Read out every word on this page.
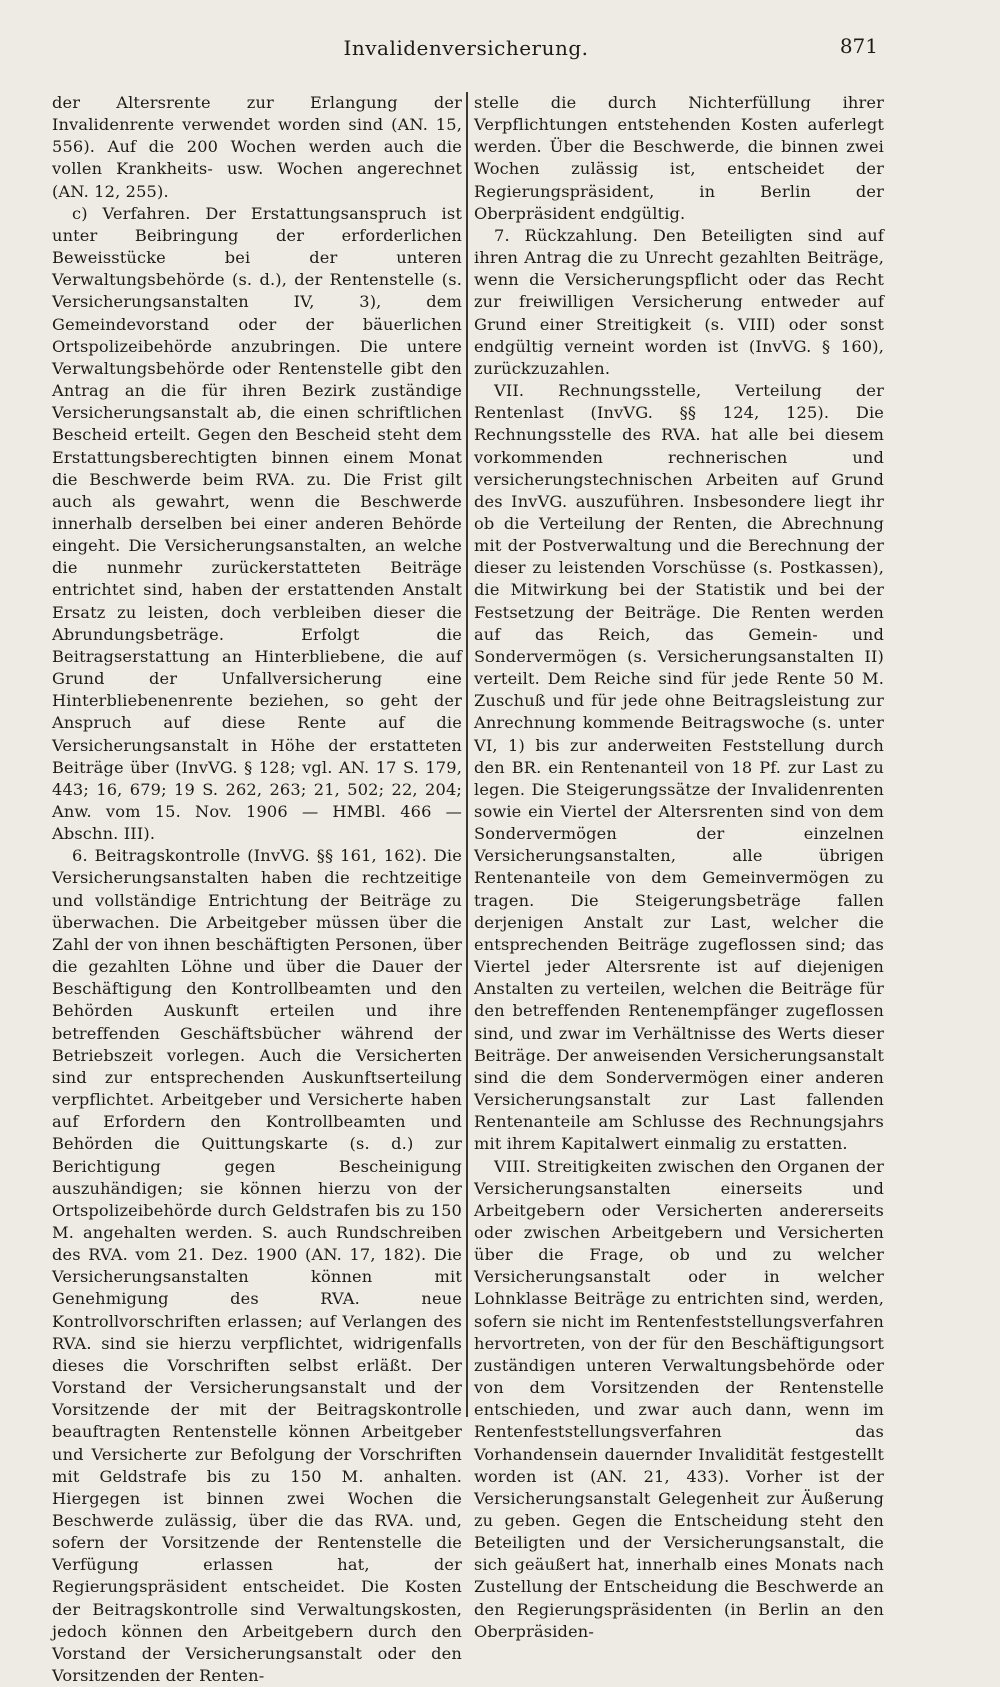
Invalidenversicherung.	871

der Altersrente zur Erlangung der Invalidenrente verwendet worden sind (AN. 15, 556). Auf die 200 Wochen werden auch die vollen Krankheits- usw. Wochen angerechnet (AN. 12, 255).

c) Verfahren. Der Erstattungsanspruch ist unter Beibringung der erforderlichen Beweisstücke bei der unteren Verwaltungsbehörde (s. d.), der Rentenstelle (s. Versicherungsanstalten IV, 3), dem Gemeindevorstand oder der bäuerlichen Ortspolizeibehörde anzubringen. Die untere Verwaltungsbehörde oder Rentenstelle gibt den Antrag an die für ihren Bezirk zuständige Versicherungsanstalt ab, die einen schriftlichen Bescheid erteilt. Gegen den Bescheid steht dem Erstattungsberechtigten binnen einem Monat die Beschwerde beim RVA. zu. Die Frist gilt auch als gewahrt, wenn die Beschwerde innerhalb derselben bei einer anderen Behörde eingeht. Die Versicherungsanstalten, an welche die nunmehr zurückerstatteten Beiträge entrichtet sind, haben der erstattenden Anstalt Ersatz zu leisten, doch verbleiben dieser die Abrundungsbeträge. Erfolgt die Beitragserstattung an Hinterbliebene, die auf Grund der Unfallversicherung eine Hinterbliebenenrente beziehen, so geht der Anspruch auf diese Rente auf die Versicherungsanstalt in Höhe der erstatteten Beiträge über (InvVG. § 128; vgl. AN. 17 S. 179, 443; 16, 679; 19 S. 262, 263; 21, 502; 22, 204; Anw. vom 15. Nov. 1906 — HMBl. 466 — Abschn. III).

6. Beitragskontrolle (InvVG. §§ 161, 162). Die Versicherungsanstalten haben die rechtzeitige und vollständige Entrichtung der Beiträge zu überwachen. Die Arbeitgeber müssen über die Zahl der von ihnen beschäftigten Personen, über die gezahlten Löhne und über die Dauer der Beschäftigung den Kontrollbeamten und den Behörden Auskunft erteilen und ihre betreffenden Geschäftsbücher während der Betriebszeit vorlegen. Auch die Versicherten sind zur entsprechenden Auskunftserteilung verpflichtet. Arbeitgeber und Versicherte haben auf Erfordern den Kontrollbeamten und Behörden die Quittungskarte (s. d.) zur Berichtigung gegen Bescheinigung auszuhändigen; sie können hierzu von der Ortspolizeibehörde durch Geldstrafen bis zu 150 M. angehalten werden. S. auch Rundschreiben des RVA. vom 21. Dez. 1900 (AN. 17, 182). Die Versicherungsanstalten können mit Genehmigung des RVA. neue Kontrollvorschriften erlassen; auf Verlangen des RVA. sind sie hierzu verpflichtet, widrigenfalls dieses die Vorschriften selbst erläßt. Der Vorstand der Versicherungsanstalt und der Vorsitzende der mit der Beitragskontrolle beauftragten Rentenstelle können Arbeitgeber und Versicherte zur Befolgung der Vorschriften mit Geldstrafe bis zu 150 M. anhalten. Hiergegen ist binnen zwei Wochen die Beschwerde zulässig, über die das RVA. und, sofern der Vorsitzende der Rentenstelle die Verfügung erlassen hat, der Regierungspräsident entscheidet. Die Kosten der Beitragskontrolle sind Verwaltungskosten, jedoch können den Arbeitgebern durch den Vorstand der Versicherungsanstalt oder den Vorsitzenden der Renten-

stelle die durch Nichterfüllung ihrer Verpflichtungen entstehenden Kosten auferlegt werden. Über die Beschwerde, die binnen zwei Wochen zulässig ist, entscheidet der Regierungspräsident, in Berlin der Oberpräsident endgültig.

7. Rückzahlung. Den Beteiligten sind auf ihren Antrag die zu Unrecht gezahlten Beiträge, wenn die Versicherungspflicht oder das Recht zur freiwilligen Versicherung entweder auf Grund einer Streitigkeit (s. VIII) oder sonst endgültig verneint worden ist (InvVG. § 160), zurückzuzahlen.

VII. Rechnungsstelle, Verteilung der Rentenlast (InvVG. §§ 124, 125). Die Rechnungsstelle des RVA. hat alle bei diesem vorkommenden rechnerischen und versicherungstechnischen Arbeiten auf Grund des InvVG. auszuführen. Insbesondere liegt ihr ob die Verteilung der Renten, die Abrechnung mit der Postverwaltung und die Berechnung der dieser zu leistenden Vorschüsse (s. Postkassen), die Mitwirkung bei der Statistik und bei der Festsetzung der Beiträge. Die Renten werden auf das Reich, das Gemein- und Sondervermögen (s. Versicherungsanstalten II) verteilt. Dem Reiche sind für jede Rente 50 M. Zuschuß und für jede ohne Beitragsleistung zur Anrechnung kommende Beitragswoche (s. unter VI, 1) bis zur anderweiten Feststellung durch den BR. ein Rentenanteil von 18 Pf. zur Last zu legen. Die Steigerungssätze der Invalidenrenten sowie ein Viertel der Altersrenten sind von dem Sondervermögen der einzelnen Versicherungsanstalten, alle übrigen Rentenanteile von dem Gemeinvermögen zu tragen. Die Steigerungsbeträge fallen derjenigen Anstalt zur Last, welcher die entsprechenden Beiträge zugeflossen sind; das Viertel jeder Altersrente ist auf diejenigen Anstalten zu verteilen, welchen die Beiträge für den betreffenden Rentenempfänger zugeflossen sind, und zwar im Verhältnisse des Werts dieser Beiträge. Der anweisenden Versicherungsanstalt sind die dem Sondervermögen einer anderen Versicherungsanstalt zur Last fallenden Rentenanteile am Schlusse des Rechnungsjahrs mit ihrem Kapitalwert einmalig zu erstatten.

VIII. Streitigkeiten zwischen den Organen der Versicherungsanstalten einerseits und Arbeitgebern oder Versicherten andererseits oder zwischen Arbeitgebern und Versicherten über die Frage, ob und zu welcher Versicherungsanstalt oder in welcher Lohnklasse Beiträge zu entrichten sind, werden, sofern sie nicht im Rentenfeststellungsverfahren hervortreten, von der für den Beschäftigungsort zuständigen unteren Verwaltungsbehörde oder von dem Vorsitzenden der Rentenstelle entschieden, und zwar auch dann, wenn im Rentenfeststellungsverfahren das Vorhandensein dauernder Invalidität festgestellt worden ist (AN. 21, 433). Vorher ist der Versicherungsanstalt Gelegenheit zur Äußerung zu geben. Gegen die Entscheidung steht den Beteiligten und der Versicherungsanstalt, die sich geäußert hat, innerhalb eines Monats nach Zustellung der Entscheidung die Beschwerde an den Regierungspräsidenten (in Berlin an den Oberpräsiden-
